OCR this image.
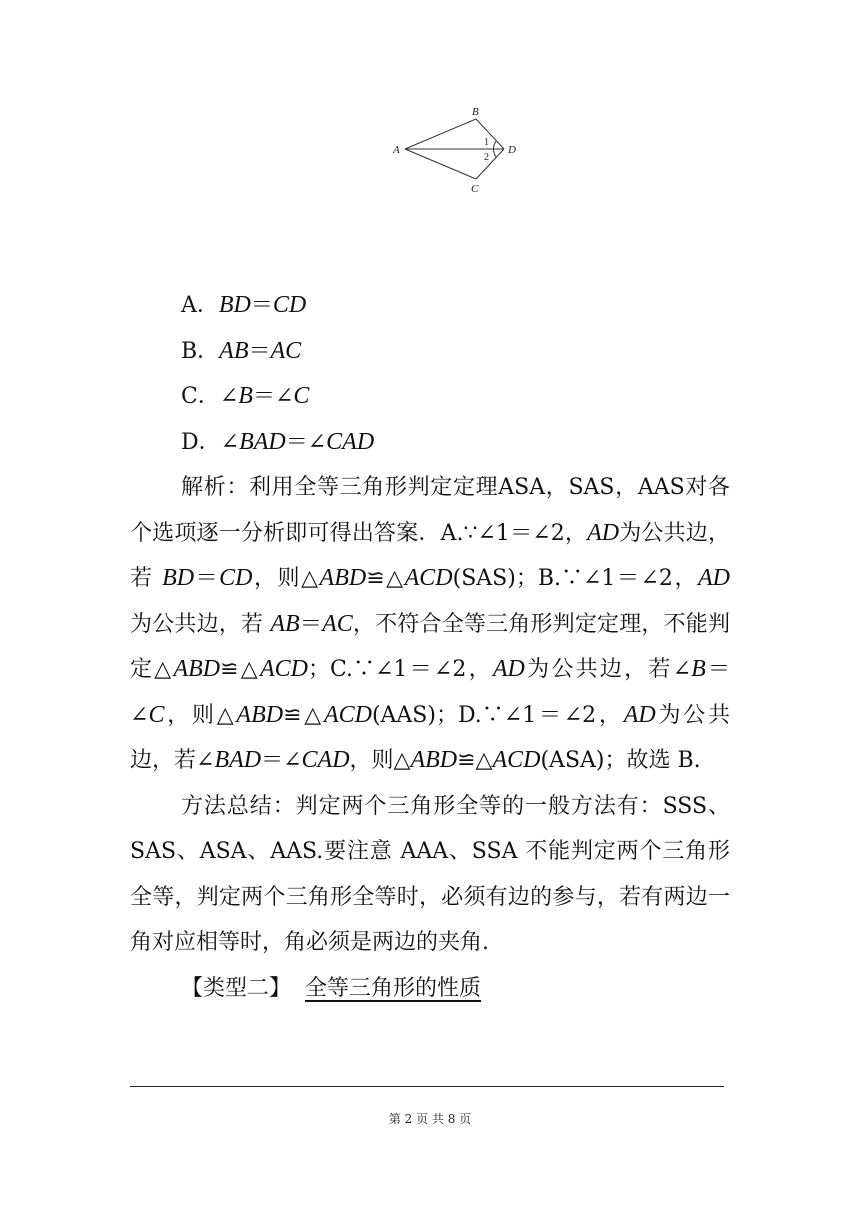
A
B
C
D
1
2

A．BD＝CD

B．AB＝AC

C．∠B＝∠C

D．∠BAD＝∠CAD

解析：利用全等三角形判定定理ASA，SAS，AAS对各个选项逐一分析即可得出答案．A.∵∠1＝∠2，AD为公共边，若 BD＝CD，则△ABD≌△ACD(SAS)；B.∵∠1＝∠2，AD为公共边，若 AB＝AC，不符合全等三角形判定定理，不能判定△ABD≌△ACD；C.∵∠1＝∠2，AD为公共边，若∠B＝∠C，则△ABD≌△ACD(AAS)；D.∵∠1＝∠2，AD为公共边，若∠BAD＝∠CAD，则△ABD≌△ACD(ASA)；故选 B.

方法总结：判定两个三角形全等的一般方法有：SSS、SAS、ASA、AAS.要注意 AAA、SSA 不能判定两个三角形全等，判定两个三角形全等时，必须有边的参与，若有两边一角对应相等时，角必须是两边的夹角.

【类型二】 全等三角形的性质

第 2 页 共 8 页
